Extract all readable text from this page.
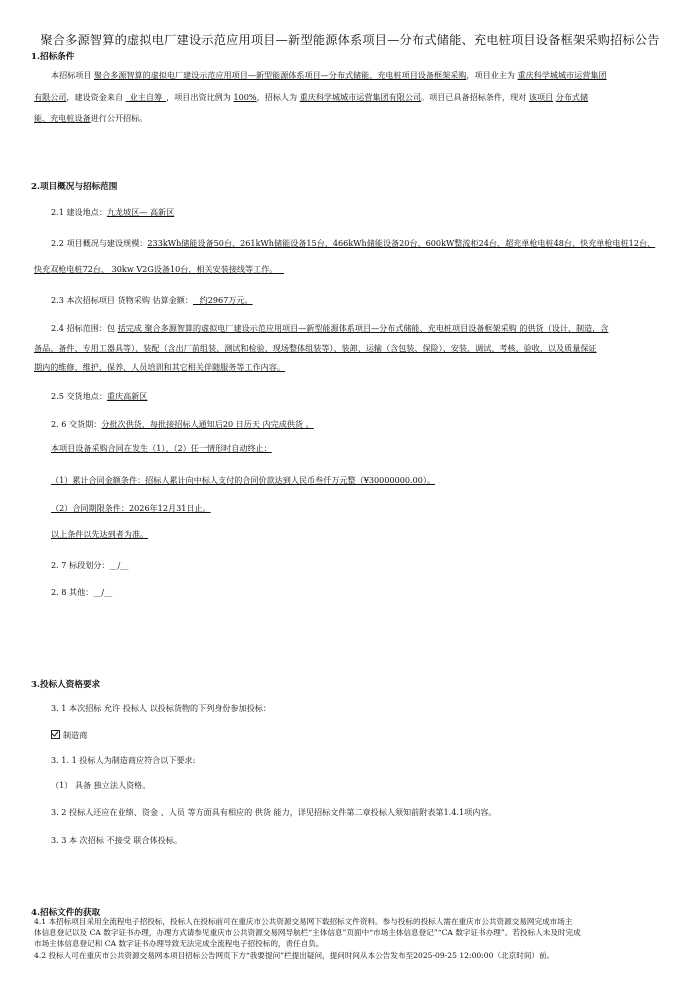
聚合多源智算的虚拟电厂建设示范应用项目—新型能源体系项目—分布式储能、充电桩项目设备框架采购招标公告
1.招标条件
本招标项目 聚合多源智算的虚拟电厂建设示范应用项目—新型能源体系项目—分布式储能、充电桩项目设备框架采购，项目业主为 重庆科学城城市运营集团
有限公司，建设资金来自 _业主自筹_，项目出资比例为 100%，招标人为 重庆科学城城市运营集团有限公司。项目已具备招标条件，现对 该项目 分布式储
能、充电桩设备进行公开招标。
2.项目概况与招标范围
2.1 建设地点：九龙坡区— 高新区
2.2 项目概况与建设规模：233kWh储能设备50台、261kWh储能设备15台、466kWh储能设备20台、600kW整流柜24台、超充单枪电桩48台、快充单枪电桩12台、
快充双枪电桩72台、 30kw V2G设备10台，相关安装接线等工作。 _
2.3 本次招标项目 货物采购 估算金额：_ 约2967万元。
2.4 招标范围：包 括完成 聚合多源智算的虚拟电厂建设示范应用项目—新型能源体系项目—分布式储能、充电桩项目设备框架采购 的供货（设计、制造，含
备品、备件、专用工器具等）、装配（含出厂前组装、测试和检验、现场整体组装等）、装卸、运输（含包装、保险）、安装、调试、考核、验收，以及质量保证
期内的维修、维护、保养、人员培训和其它相关伴随服务等工作内容。
2.5 交货地点：重庆高新区
2. 6 交货期：分批次供货，每批接招标人通知后20 日历天 内完成供货 。
本项目设备采购合同在发生（1）、（2）任一情形时自动终止：
（1）累计合同金额条件：招标人累计向中标人支付的合同价款达到人民币叁仟万元整（¥30000000.00）。
（2）合同期限条件：2026年12月31日止。
以上条件以先达到者为准。
2. 7 标段划分：__/__
2. 8 其他：__/__
3.投标人资格要求
3. 1 本次招标 允许 投标人 以投标货物的下列身份参加投标：
制造商
3. 1. 1 投标人为制造商应符合以下要求:
（1） 具备 独立法人资格。
3. 2 投标人还应在业绩、资金 、人员 等方面具有相应的 供货 能力，详见招标文件第二章投标人须知前附表第1.4.1项内容。
3. 3 本 次招标 不接受 联合体投标。
4.招标文件的获取
4.1 本招标项目采用全流程电子招投标，投标人在投标前可在重庆市公共资源交易网下载招标文件资料。参与投标的投标人需在重庆市公共资源交易网完成市场主
体信息登记以及 CA 数字证书办理，办理方式请参见重庆市公共资源交易网导航栏“主体信息”页面中“市场主体信息登记”“CA 数字证书办理”。若投标人未及时完成
市场主体信息登记和 CA 数字证书办理导致无法完成全流程电子招投标的，责任自负。
4.2 投标人可在重庆市公共资源交易网本项目招标公告网页下方“我要提问”栏提出疑问，提问时间从本公告发布至2025-09-25 12:00:00（北京时间）前。
